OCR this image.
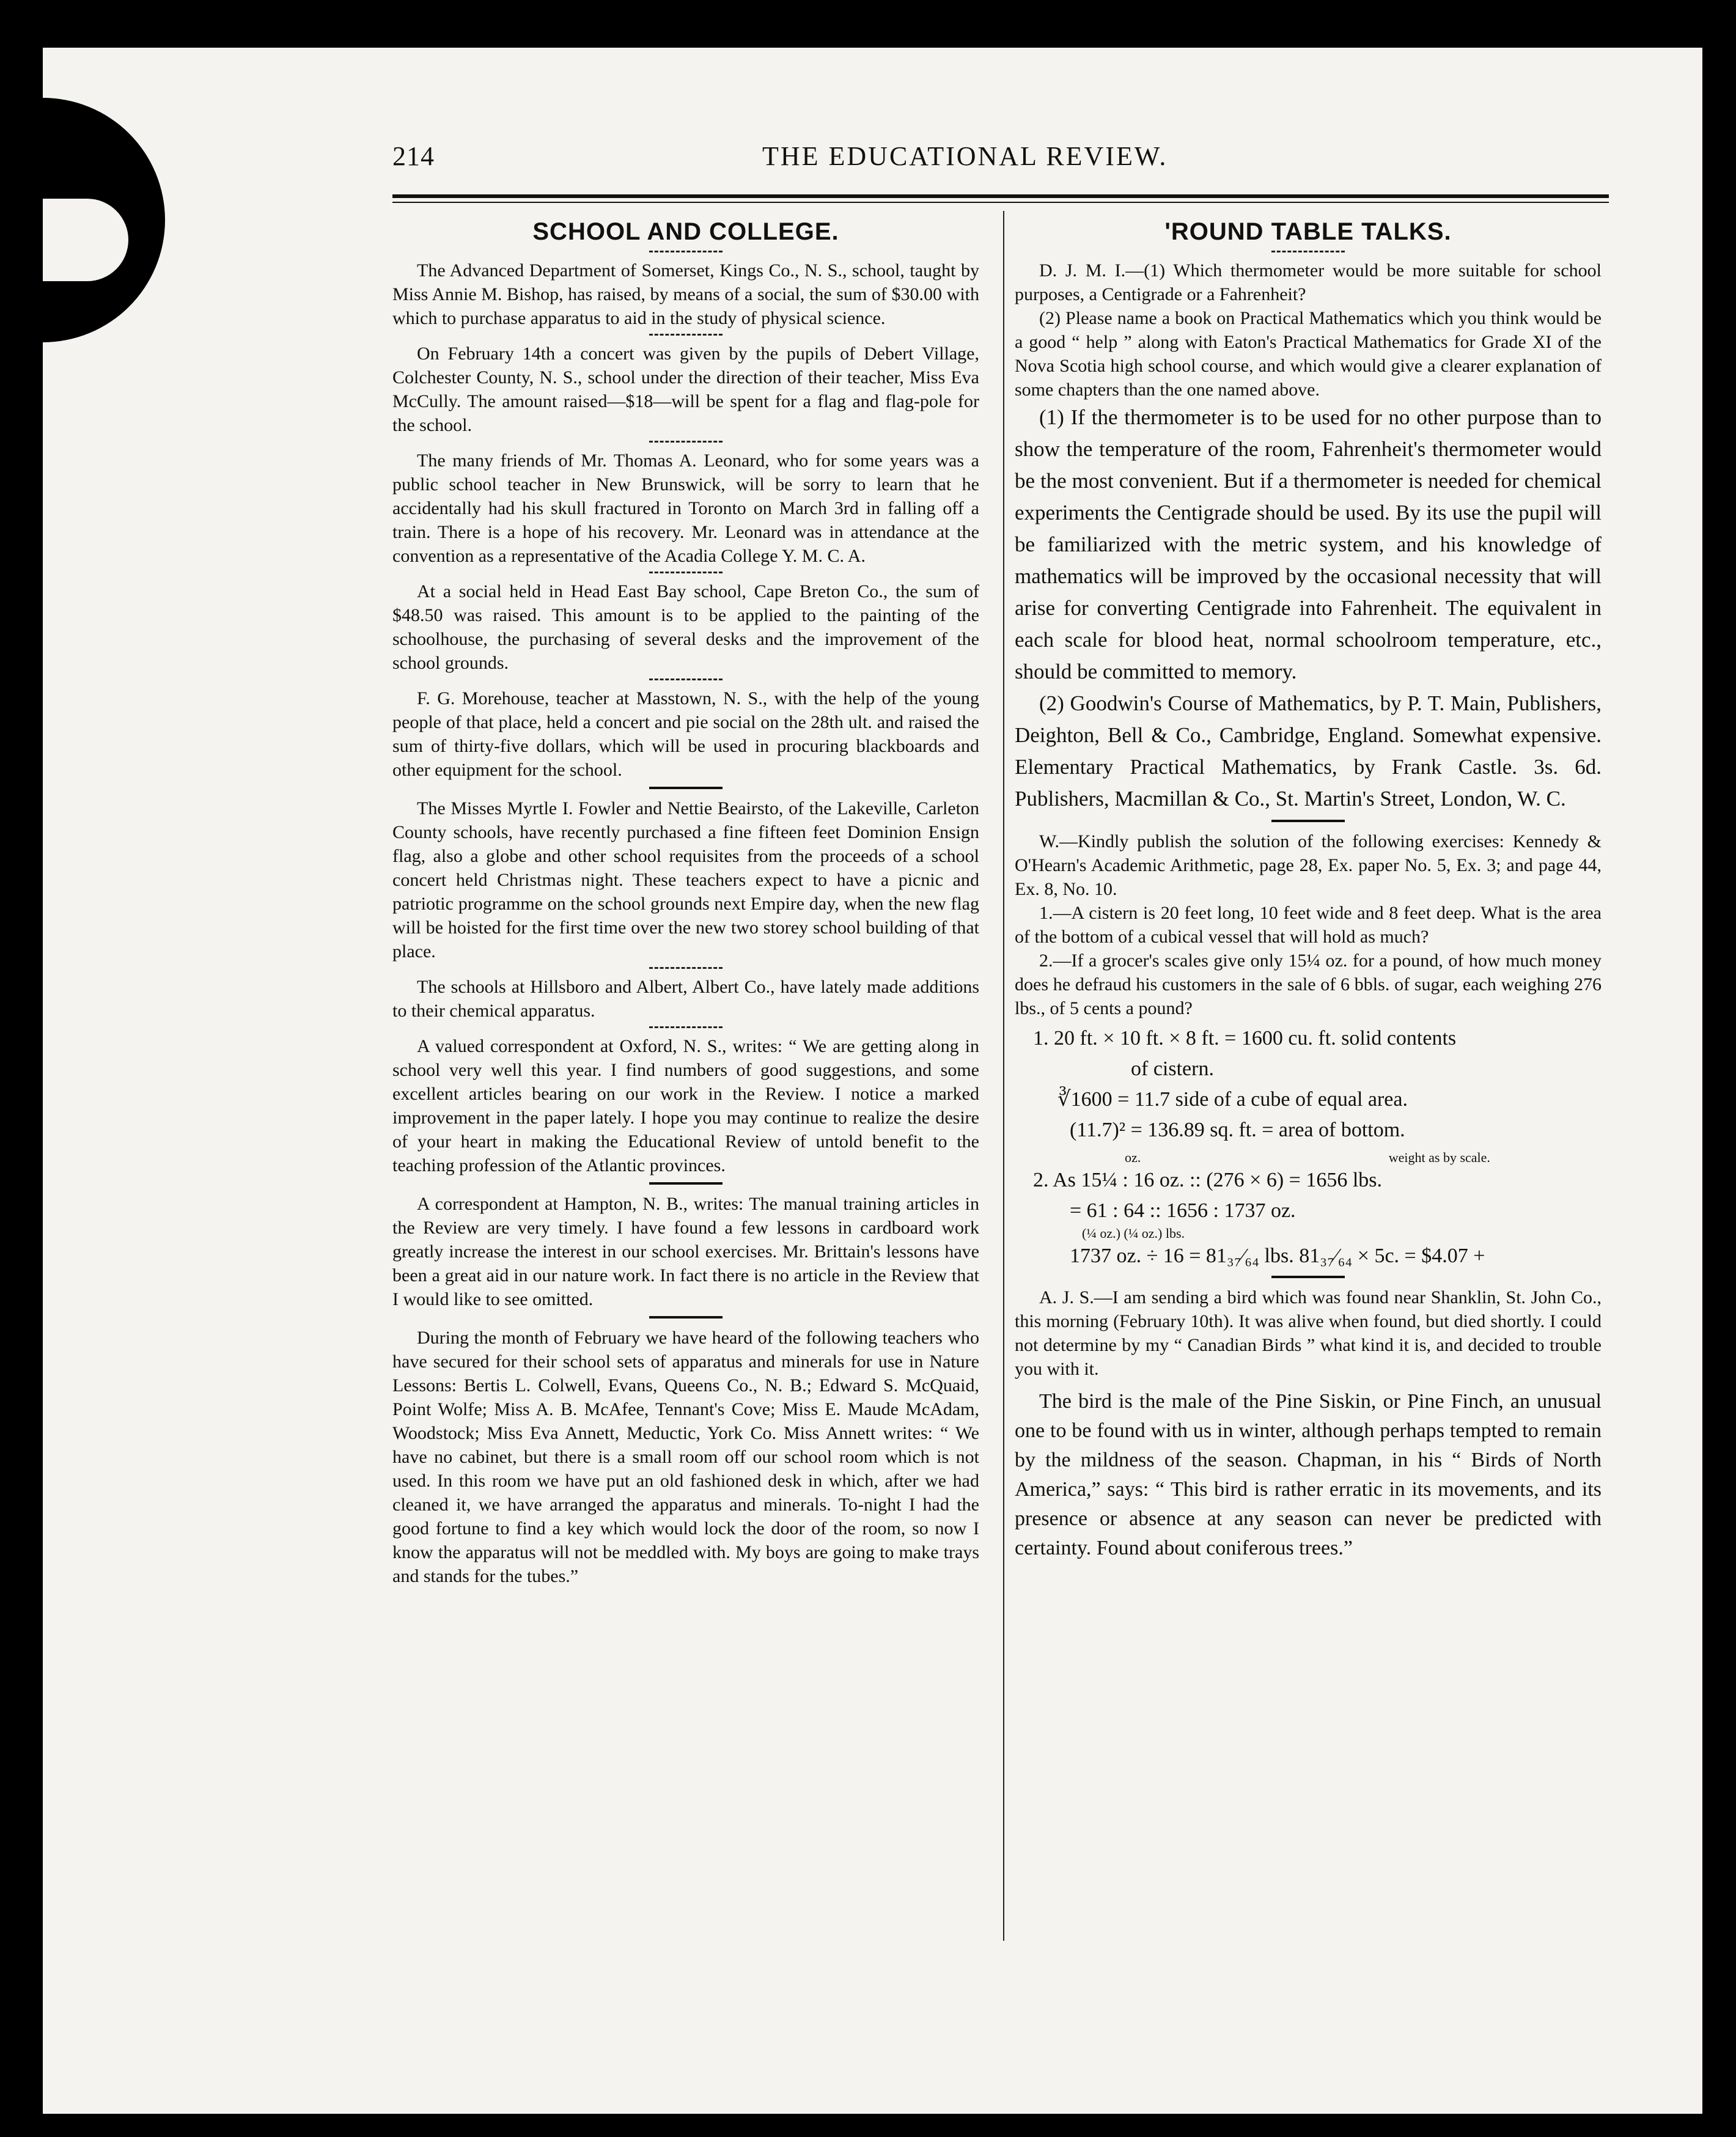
214	THE EDUCATIONAL REVIEW.
SCHOOL AND COLLEGE.

The Advanced Department of Somerset, Kings Co., N. S., school, taught by Miss Annie M. Bishop, has raised, by means of a social, the sum of $30.00 with which to purchase apparatus to aid in the study of physical science.

On February 14th a concert was given by the pupils of Debert Village, Colchester County, N. S., school under the direction of their teacher, Miss Eva McCully. The amount raised—$18—will be spent for a flag and flag-pole for the school.

The many friends of Mr. Thomas A. Leonard, who for some years was a public school teacher in New Brunswick, will be sorry to learn that he accidentally had his skull fractured in Toronto on March 3rd in falling off a train. There is a hope of his recovery. Mr. Leonard was in attendance at the convention as a representative of the Acadia College Y. M. C. A.

At a social held in Head East Bay school, Cape Breton Co., the sum of $48.50 was raised. This amount is to be applied to the painting of the schoolhouse, the purchasing of several desks and the improvement of the school grounds.

F. G. Morehouse, teacher at Masstown, N. S., with the help of the young people of that place, held a concert and pie social on the 28th ult. and raised the sum of thirty-five dollars, which will be used in procuring blackboards and other equipment for the school.

The Misses Myrtle I. Fowler and Nettie Beairsto, of the Lakeville, Carleton County schools, have recently purchased a fine fifteen feet Dominion Ensign flag, also a globe and other school requisites from the proceeds of a school concert held Christmas night. These teachers expect to have a picnic and patriotic programme on the school grounds next Empire day, when the new flag will be hoisted for the first time over the new two storey school building of that place.

The schools at Hillsboro and Albert, Albert Co., have lately made additions to their chemical apparatus.

A valued correspondent at Oxford, N. S., writes: “ We are getting along in school very well this year. I find numbers of good suggestions, and some excellent articles bearing on our work in the Review. I notice a marked improvement in the paper lately. I hope you may continue to realize the desire of your heart in making the Educational Review of untold benefit to the teaching profession of the Atlantic provinces.

A correspondent at Hampton, N. B., writes: The manual training articles in the Review are very timely. I have found a few lessons in cardboard work greatly increase the interest in our school exercises. Mr. Brittain's lessons have been a great aid in our nature work. In fact there is no article in the Review that I would like to see omitted.

During the month of February we have heard of the following teachers who have secured for their school sets of apparatus and minerals for use in Nature Lessons: Bertis L. Colwell, Evans, Queens Co., N. B.; Edward S. McQuaid, Point Wolfe; Miss A. B. McAfee, Tennant's Cove; Miss E. Maude McAdam, Woodstock; Miss Eva Annett, Meductic, York Co. Miss Annett writes: “ We have no cabinet, but there is a small room off our school room which is not used. In this room we have put an old fashioned desk in which, after we had cleaned it, we have arranged the apparatus and minerals. To-night I had the good fortune to find a key which would lock the door of the room, so now I know the apparatus will not be meddled with. My boys are going to make trays and stands for the tubes.”

'ROUND TABLE TALKS.

D. J. M. I.—(1) Which thermometer would be more suitable for school purposes, a Centigrade or a Fahrenheit?

(2) Please name a book on Practical Mathematics which you think would be a good “ help ” along with Eaton's Practical Mathematics for Grade XI of the Nova Scotia high school course, and which would give a clearer explanation of some chapters than the one named above.

(1) If the thermometer is to be used for no other purpose than to show the temperature of the room, Fahrenheit's thermometer would be the most convenient. But if a thermometer is needed for chemical experiments the Centigrade should be used. By its use the pupil will be familiarized with the metric system, and his knowledge of mathematics will be improved by the occasional necessity that will arise for converting Centigrade into Fahrenheit. The equivalent in each scale for blood heat, normal schoolroom temperature, etc., should be committed to memory.

(2) Goodwin's Course of Mathematics, by P. T. Main, Publishers, Deighton, Bell & Co., Cambridge, England. Somewhat expensive. Elementary Practical Mathematics, by Frank Castle. 3s. 6d. Publishers, Macmillan & Co., St. Martin's Street, London, W. C.

W.—Kindly publish the solution of the following exercises: Kennedy & O'Hearn's Academic Arithmetic, page 28, Ex. paper No. 5, Ex. 3; and page 44, Ex. 8, No. 10.

1.—A cistern is 20 feet long, 10 feet wide and 8 feet deep. What is the area of the bottom of a cubical vessel that will hold as much?

2.—If a grocer's scales give only 15¼ oz. for a pound, of how much money does he defraud his customers in the sale of 6 bbls. of sugar, each weighing 276 lbs., of 5 cents a pound?

1. 20 ft. × 10 ft. × 8 ft. = 1600 cu. ft. solid contents
of cistern.
∛1600 = 11.7 side of a cube of equal area.
(11.7)² = 136.89 sq. ft. = area of bottom.
oz.	weight as by scale.
2. As 15¼ : 16 oz. :: (276 × 6) = 1656 lbs.
= 61 : 64 :: 1656 : 1737 oz.
(¼ oz.) (¼ oz.) lbs.
1737 oz. ÷ 16 = 81₃₇⁄₆₄ lbs. 81₃₇⁄₆₄ × 5c. = $4.07 +

A. J. S.—I am sending a bird which was found near Shanklin, St. John Co., this morning (February 10th). It was alive when found, but died shortly. I could not determine by my “ Canadian Birds ” what kind it is, and decided to trouble you with it.

The bird is the male of the Pine Siskin, or Pine Finch, an unusual one to be found with us in winter, although perhaps tempted to remain by the mildness of the season. Chapman, in his “ Birds of North America,” says: “ This bird is rather erratic in its movements, and its presence or absence at any season can never be predicted with certainty. Found about coniferous trees.”
